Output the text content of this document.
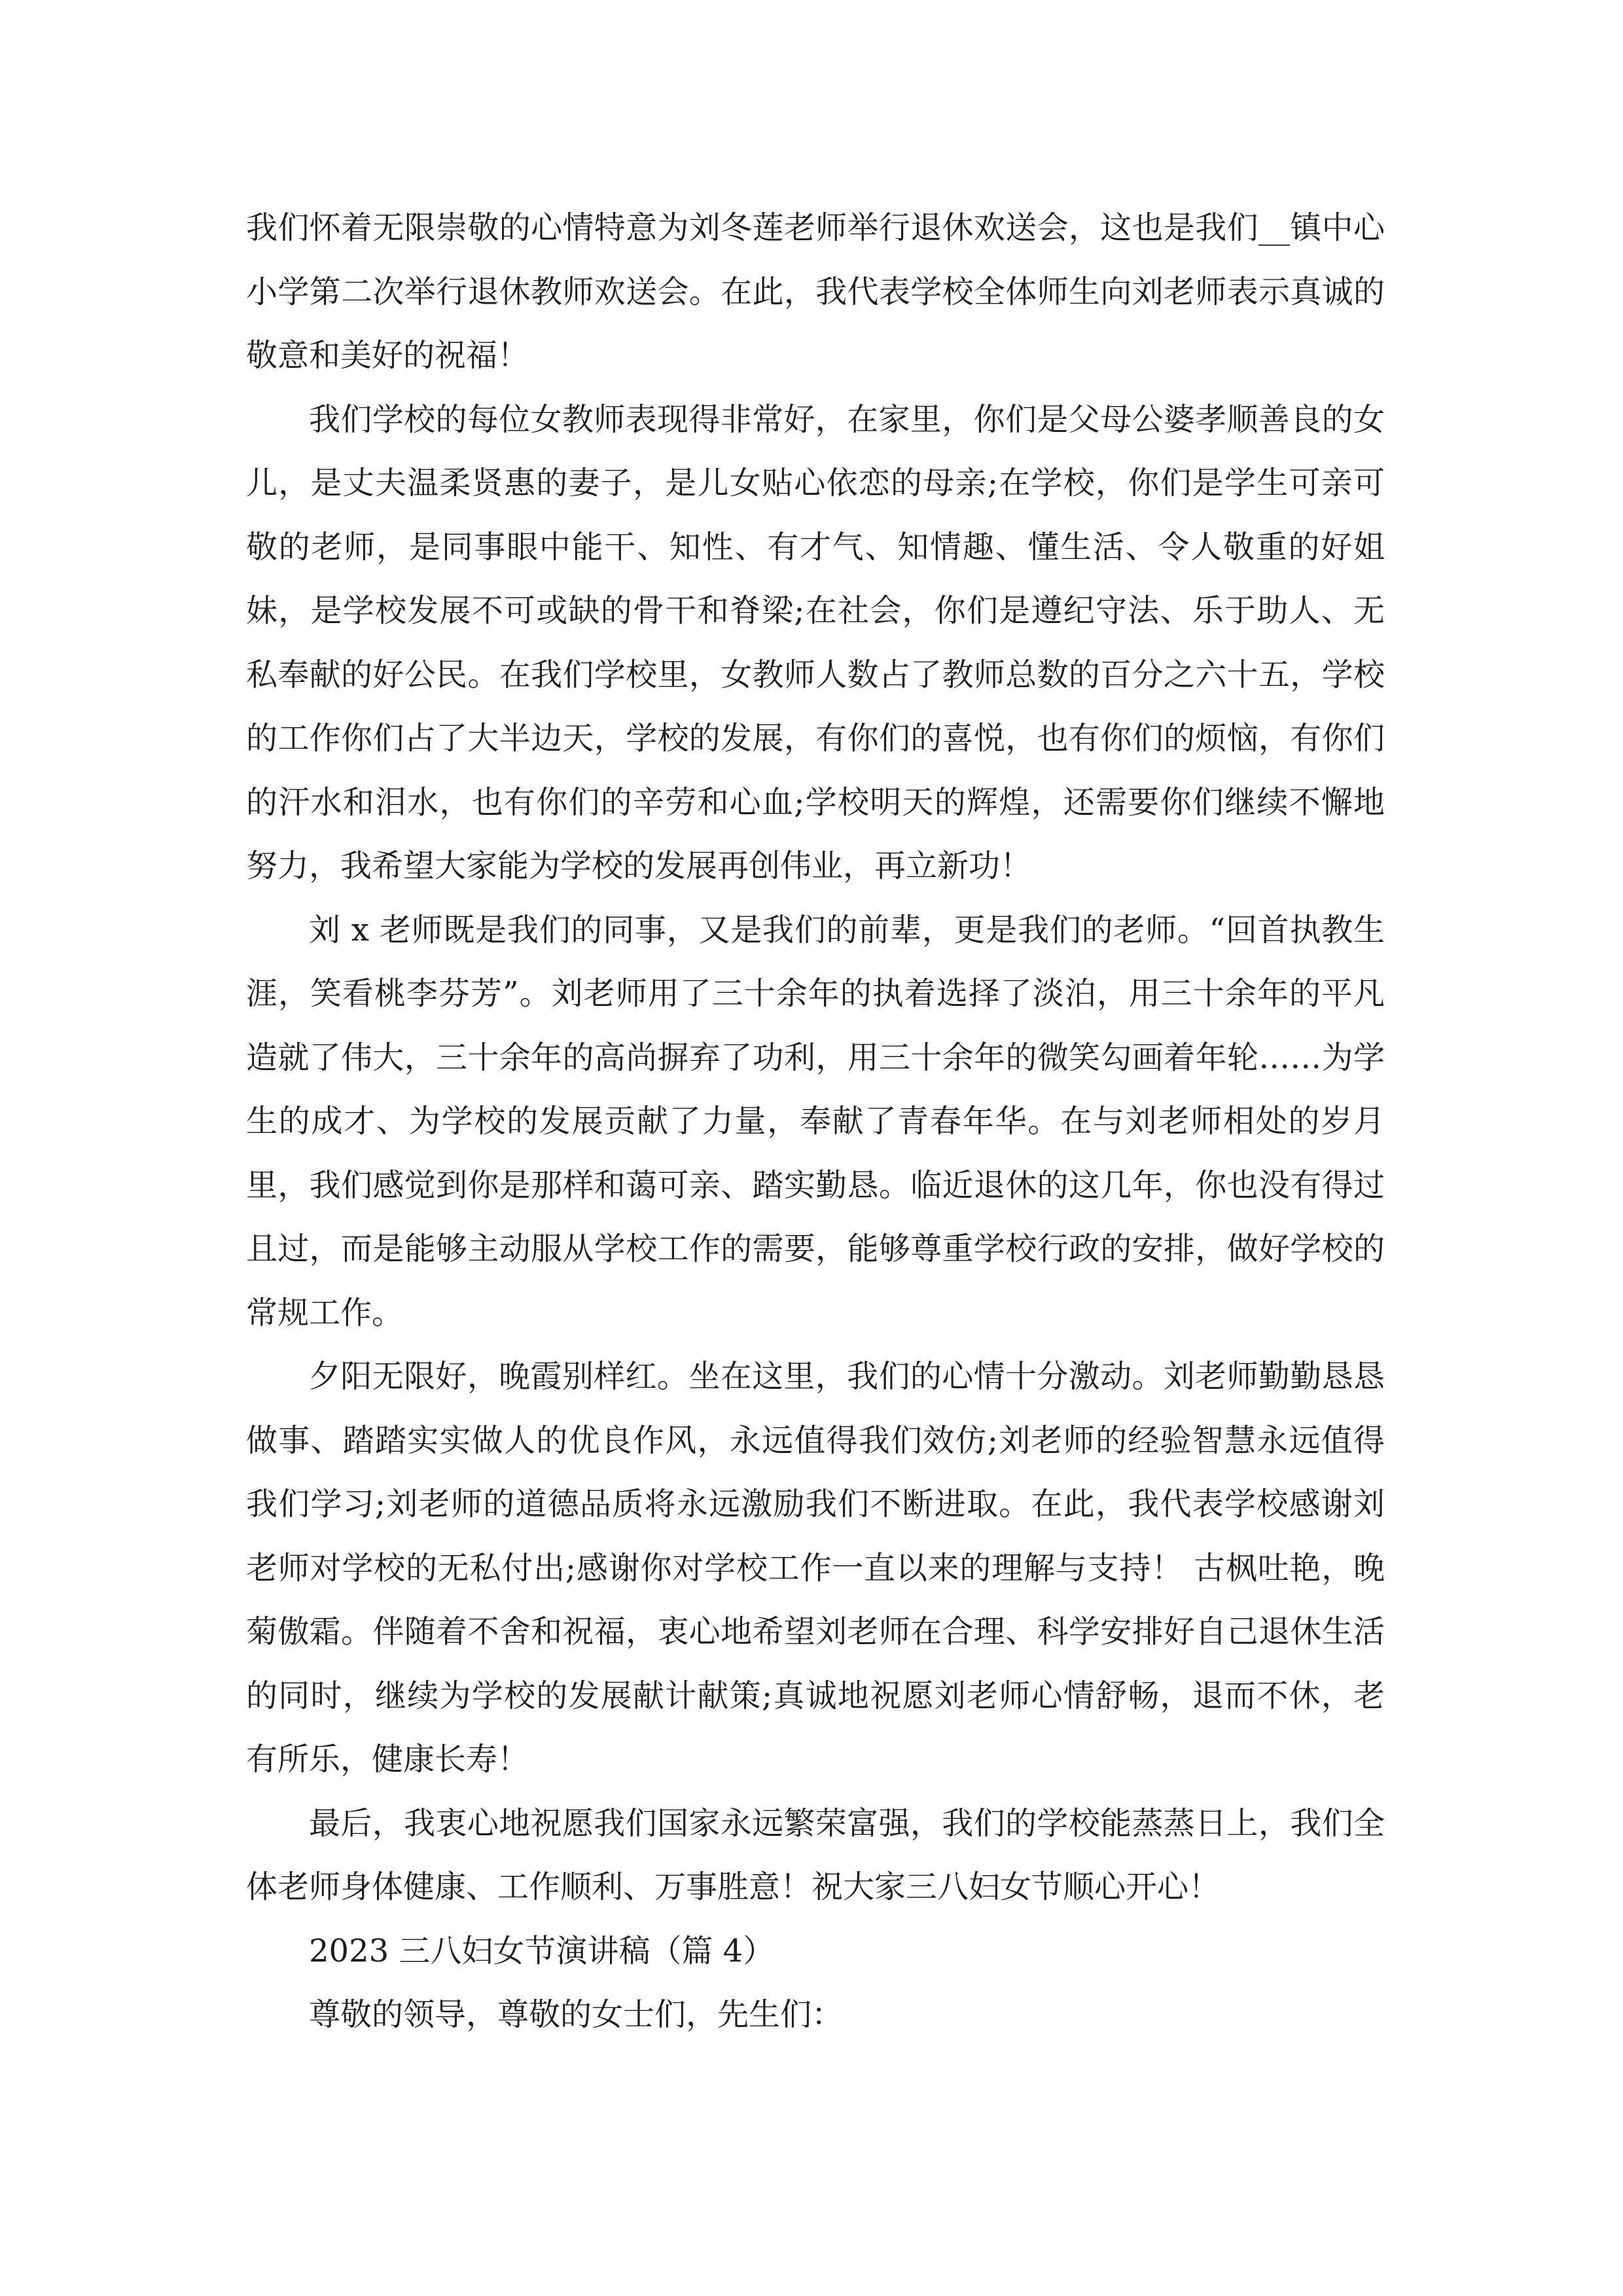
我们怀着无限崇敬的心情特意为刘冬莲老师举行退休欢送会，这也是我们__镇中心小学第二次举行退休教师欢送会。在此，我代表学校全体师生向刘老师表示真诚的敬意和美好的祝福！

我们学校的每位女教师表现得非常好，在家里，你们是父母公婆孝顺善良的女儿，是丈夫温柔贤惠的妻子，是儿女贴心依恋的母亲;在学校，你们是学生可亲可敬的老师，是同事眼中能干、知性、有才气、知情趣、懂生活、令人敬重的好姐妹，是学校发展不可或缺的骨干和脊梁;在社会，你们是遵纪守法、乐于助人、无私奉献的好公民。在我们学校里，女教师人数占了教师总数的百分之六十五，学校的工作你们占了大半边天，学校的发展，有你们的喜悦，也有你们的烦恼，有你们的汗水和泪水，也有你们的辛劳和心血;学校明天的辉煌，还需要你们继续不懈地努力，我希望大家能为学校的发展再创伟业，再立新功！

刘 x 老师既是我们的同事，又是我们的前辈，更是我们的老师。“回首执教生涯，笑看桃李芬芳”。刘老师用了三十余年的执着选择了淡泊，用三十余年的平凡造就了伟大，三十余年的高尚摒弃了功利，用三十余年的微笑勾画着年轮……为学生的成才、为学校的发展贡献了力量，奉献了青春年华。在与刘老师相处的岁月里，我们感觉到你是那样和蔼可亲、踏实勤恳。临近退休的这几年，你也没有得过且过，而是能够主动服从学校工作的需要，能够尊重学校行政的安排，做好学校的常规工作。

夕阳无限好，晚霞别样红。坐在这里，我们的心情十分激动。刘老师勤勤恳恳做事、踏踏实实做人的优良作风，永远值得我们效仿;刘老师的经验智慧永远值得我们学习;刘老师的道德品质将永远激励我们不断进取。在此，我代表学校感谢刘老师对学校的无私付出;感谢你对学校工作一直以来的理解与支持！ 古枫吐艳，晚菊傲霜。伴随着不舍和祝福，衷心地希望刘老师在合理、科学安排好自己退休生活的同时，继续为学校的发展献计献策;真诚地祝愿刘老师心情舒畅，退而不休，老有所乐，健康长寿！

最后，我衷心地祝愿我们国家永远繁荣富强，我们的学校能蒸蒸日上，我们全体老师身体健康、工作顺利、万事胜意！祝大家三八妇女节顺心开心！

2023 三八妇女节演讲稿（篇 4）

尊敬的领导，尊敬的女士们，先生们：
